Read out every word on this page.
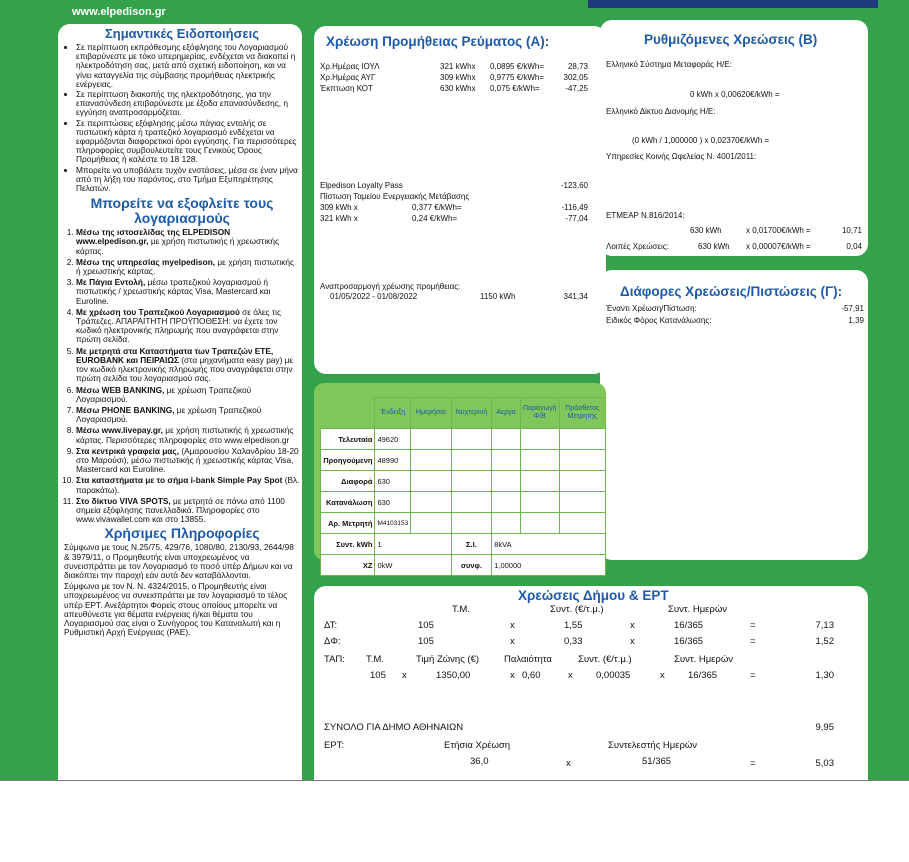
www.elpedison.gr
Σημαντικές Ειδοποιήσεις
• Σε περίπτωση εκπρόθεσμης εξόφλησης του Λογαριασμού επιβαρύνεστε με τόκο υπερημερίας, ενδέχεται να διακοπεί η ηλεκτροδότηση σας, μετά από σχετική ειδοποίηση, και να γίνει καταγγελία της σύμβασης προμήθειας ηλεκτρικής ενέργειας.
• Σε περίπτωση διακοπής της ηλεκτροδότησης, για την επανασύνδεση επιβαρύνεστε με έξοδα επανασύνδεσης, η εγγύηση αναπροσαρμόζεται.
• Σε περιπτώσεις εξόφλησης μέσω πάγιας εντολής σε πιστωτική κάρτα ή τραπεζικό λογαριασμό ενδέχεται να εφαρμόζονται διαφορετικοί όροι εγγύησης. Για περισσότερες πληροφορίες συμβουλευτείτε τους Γενικούς Όρους Προμήθειας ή καλέστε το 18 128.
• Μπορείτε να υποβάλετε τυχόν ενστάσεις, μέσα σε έναν μήνα από τη λήξη του παρόντος, στο Τμήμα Εξυπηρέτησης Πελατών.
Μπορείτε να εξοφλείτε τους λογαριασμούς
1. Μέσω της ιστοσελίδας της ELPEDISON www.elpedison.gr, με χρήση πιστωτικής ή χρεωστικής κάρτας.
2. Μέσω της υπηρεσίας myelpedison, με χρήση πιστωτικής ή χρεωστικής κάρτας.
3. Με Πάγια Εντολή, μέσω τραπεζικού λογαριασμού ή πιστωτικής / χρεωστικής κάρτας Visa, Mastercard και Euroline.
4. Με χρέωση του Τραπεζικού Λογαριασμού σε όλες τις Τράπεζες. ΑΠΑΡΑΙΤΗΤΗ ΠΡΟΫΠΟΘΕΣΗ: να έχετε τον κωδικό ηλεκτρονικής πληρωμής που αναγράφεται στην πρώτη σελίδα.
5. Με μετρητά στα Καταστήματα των Τραπεζών ΕΤΕ, EUROBANK και ΠΕΙΡΑΙΩΣ (στα μηχανήματα easy pay) με τον κωδικό ηλεκτρονικής πληρωμής που αναγράφεται στην πρώτη σελίδα του λογαριασμού σας.
6. Μέσω WEB BANKING, με χρέωση Τραπεζικού Λογαριασμού.
7. Μέσω PHONE BANKING, με χρέωση Τραπεζικού Λογαριασμού.
8. Μέσω www.livepay.gr, με χρήση πιστωτικής ή χρεωστικής κάρτας. Περισσότερες πληροφορίες στο www.elpedison.gr
9. Στα κεντρικά γραφεία μας, (Αμαρουσίου Χαλανδρίου 18-20 στο Μαρούσι), μέσω πιστωτικής ή χρεωστικής κάρτας Visa, Mastercard και Euroline.
10. Στα καταστήματα με το σήμα i-bank Simple Pay Spot (Βλ. παρακάτω).
11. Στο δίκτυο VIVA SPOTS, με μετρητά σε πάνω από 1100 σημεία εξόφλησης πανελλαδικά. Πληροφορίες στο www.vivawallet.com και στο 13855.
Χρήσιμες Πληροφορίες
Σύμφωνα με τους Ν.25/75, 429/76, 1080/80, 2130/93, 2644/98 & 3979/11, ο Προμηθευτής είναι υποχρεωμένος να συνεισπράττει με τον Λογαριασμό το ποσό υπέρ Δήμων και να διακόπτει την παροχή εάν αυτά δεν καταβάλλονται.
Σύμφωνα με τον Ν. Ν. 4324/2015, ο Προμηθευτής είναι υποχρεωμένος να συνεισπράττει με τον λογαριασμό το τέλος υπέρ ΕΡΤ. Ανεξάρτητοι Φορείς στους οποίους μπορείτε να απευθύνεστε για θέματα ενέργειας ή/και θέματα του Λογαριασμού σας είναι ο Συνήγορος του Καταναλωτή και η Ρυθμιστική Αρχή Ενέργειας (ΡΑΕ).
Χρέωση Προμήθειας Ρεύματος (Α):
Χρ.Ημέρας ΙΟΥΛ	321 kWhx 0,0895 €/kWh=	28,73
Χρ.Ημέρας ΑΥΓ	309 kWhx 0,9775 €/kWh=	302,05
Έκπτωση ΚΟΤ	630 kWhx 0,075 €/kWh=	-47,25
Elpedison Loyalty Pass	-123,60
Πίστωση Ταμείου Ενεργειακής Μετάβασης
309 kWh x	0,377 €/kWh=	-116,49
321 kWh x	0,24 €/kWh=	-77,04
Αναπροσαρμογή χρέωσης προμήθειας:
01/05/2022 - 01/08/2022	1150 kWh	341,34
Ρυθμιζόμενες Χρεώσεις (Β)
Ελληνικό Σύστημα Μεταφοράς Η/Ε:
0 kWh x 0,00620€/kWh =
Ελληνικό Δίκτυο Διανομής Η/Ε:
(0 kWh / 1,000000 ) x 0,02370€/kWh =
Υπηρεσίες Κοινής Ωφελείας Ν. 4001/2011:
ΕΤΜΕΑΡ Ν.816/2014:
630 kWh	x 0,01700€/kWh =	10,71
Λοιπές Χρεώσεις:	630 kWh x 0,00007€/kWh =	0,04
Διάφορες Χρεώσεις/Πιστώσεις (Γ):
Έναντι Χρέωση/Πίστωση:	-57,91
Ειδικός Φόρος Κατανάλωσης:	1,39
	Ένδειξη	Ημερήσια	Νυχτερινή	Αεργα	Παραγωγή Φ/Β	Πρόσθετος Μετρητής
Τελευταία	49620					
Προηγούμενη	48990					
Διαφορά	630					
Κατανάλωση	630					
Αρ. Μετρητή	M4103153					
Συντ. kWh	1		Σ.Ι.	8kVA		
ΧΖ	0kW		συνφ.	1,00000		
Χρεώσεις Δήμου & ΕΡΤ
Τ.Μ.	Συντ. (€/τ.μ.)	Συντ. Ημερών
ΔΤ:	105	x	1,55	x	16/365	=	7,13
ΔΦ:	105	x	0,33	x	16/365	=	1,52
ΤΑΠ: Τ.Μ.	Τιμή Ζώνης (€)	Παλαιότητα	Συντ. (€/τ.μ.)	Συντ. Ημερών
105 x	1350,00	x 0,60	x 0,00035	x 16/365	=	1,30
ΣΥΝΟΛΟ ΓΙΑ ΔΗΜΟ ΑΘΗΝΑΙΩΝ	9,95
ΕΡΤ:	Ετήσια Χρέωση	Συντελεστής Ημερών
36,0	x	51/365	=	5,03
